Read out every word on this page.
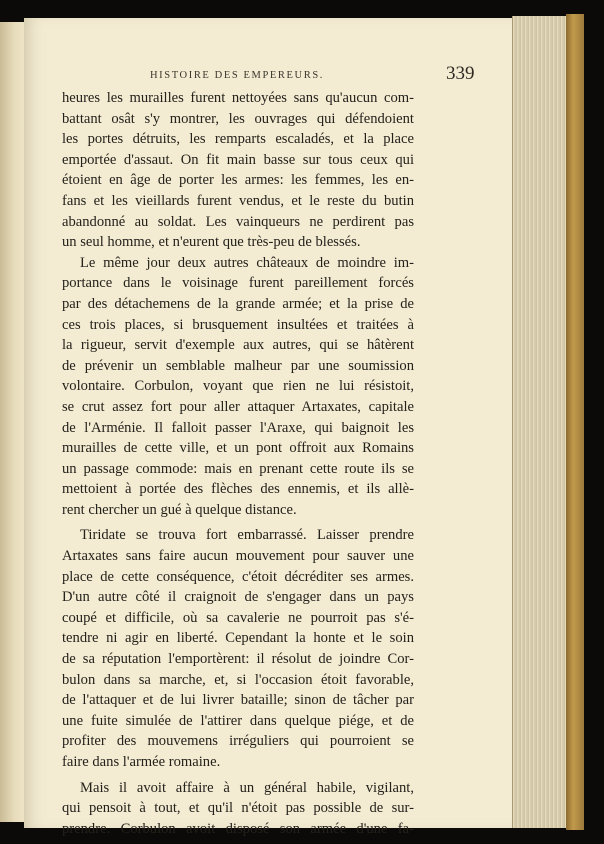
HISTOIRE DES EMPEREURS.	339
heures les murailles furent nettoyées sans qu'aucun com-
battant osât s'y montrer, les ouvrages qui défendoient
les portes détruits, les remparts escaladés, et la place
emportée d'assaut. On fit main basse sur tous ceux qui
étoient en âge de porter les armes: les femmes, les en-
fans et les vieillards furent vendus, et le reste du butin
abandonné au soldat. Les vainqueurs ne perdirent pas
un seul homme, et n'eurent que très-peu de blessés.
Le même jour deux autres châteaux de moindre im-
portance dans le voisinage furent pareillement forcés
par des détachemens de la grande armée; et la prise de
ces trois places, si brusquement insultées et traitées à
la rigueur, servit d'exemple aux autres, qui se hâtèrent
de prévenir un semblable malheur par une soumission
volontaire. Corbulon, voyant que rien ne lui résistoit,
se crut assez fort pour aller attaquer Artaxates, capitale
de l'Arménie. Il falloit passer l'Araxe, qui baignoit les
murailles de cette ville, et un pont offroit aux Romains
un passage commode: mais en prenant cette route ils se
mettoient à portée des flèches des ennemis, et ils allè-
rent chercher un gué à quelque distance.
Tiridate se trouva fort embarrassé. Laisser prendre
Artaxates sans faire aucun mouvement pour sauver une
place de cette conséquence, c'étoit décréditer ses armes.
D'un autre côté il craignoit de s'engager dans un pays
coupé et difficile, où sa cavalerie ne pourroit pas s'é-
tendre ni agir en liberté. Cependant la honte et le soin
de sa réputation l'emportèrent: il résolut de joindre Cor-
bulon dans sa marche, et, si l'occasion étoit favorable,
de l'attaquer et de lui livrer bataille; sinon de tâcher par
une fuite simulée de l'attirer dans quelque piége, et de
profiter des mouvemens irréguliers qui pourroient se
faire dans l'armée romaine.
Mais il avoit affaire à un général habile, vigilant,
qui pensoit à tout, et qu'il n'étoit pas possible de sur-
prendre. Corbulon avoit disposé son armée d'une fa-
